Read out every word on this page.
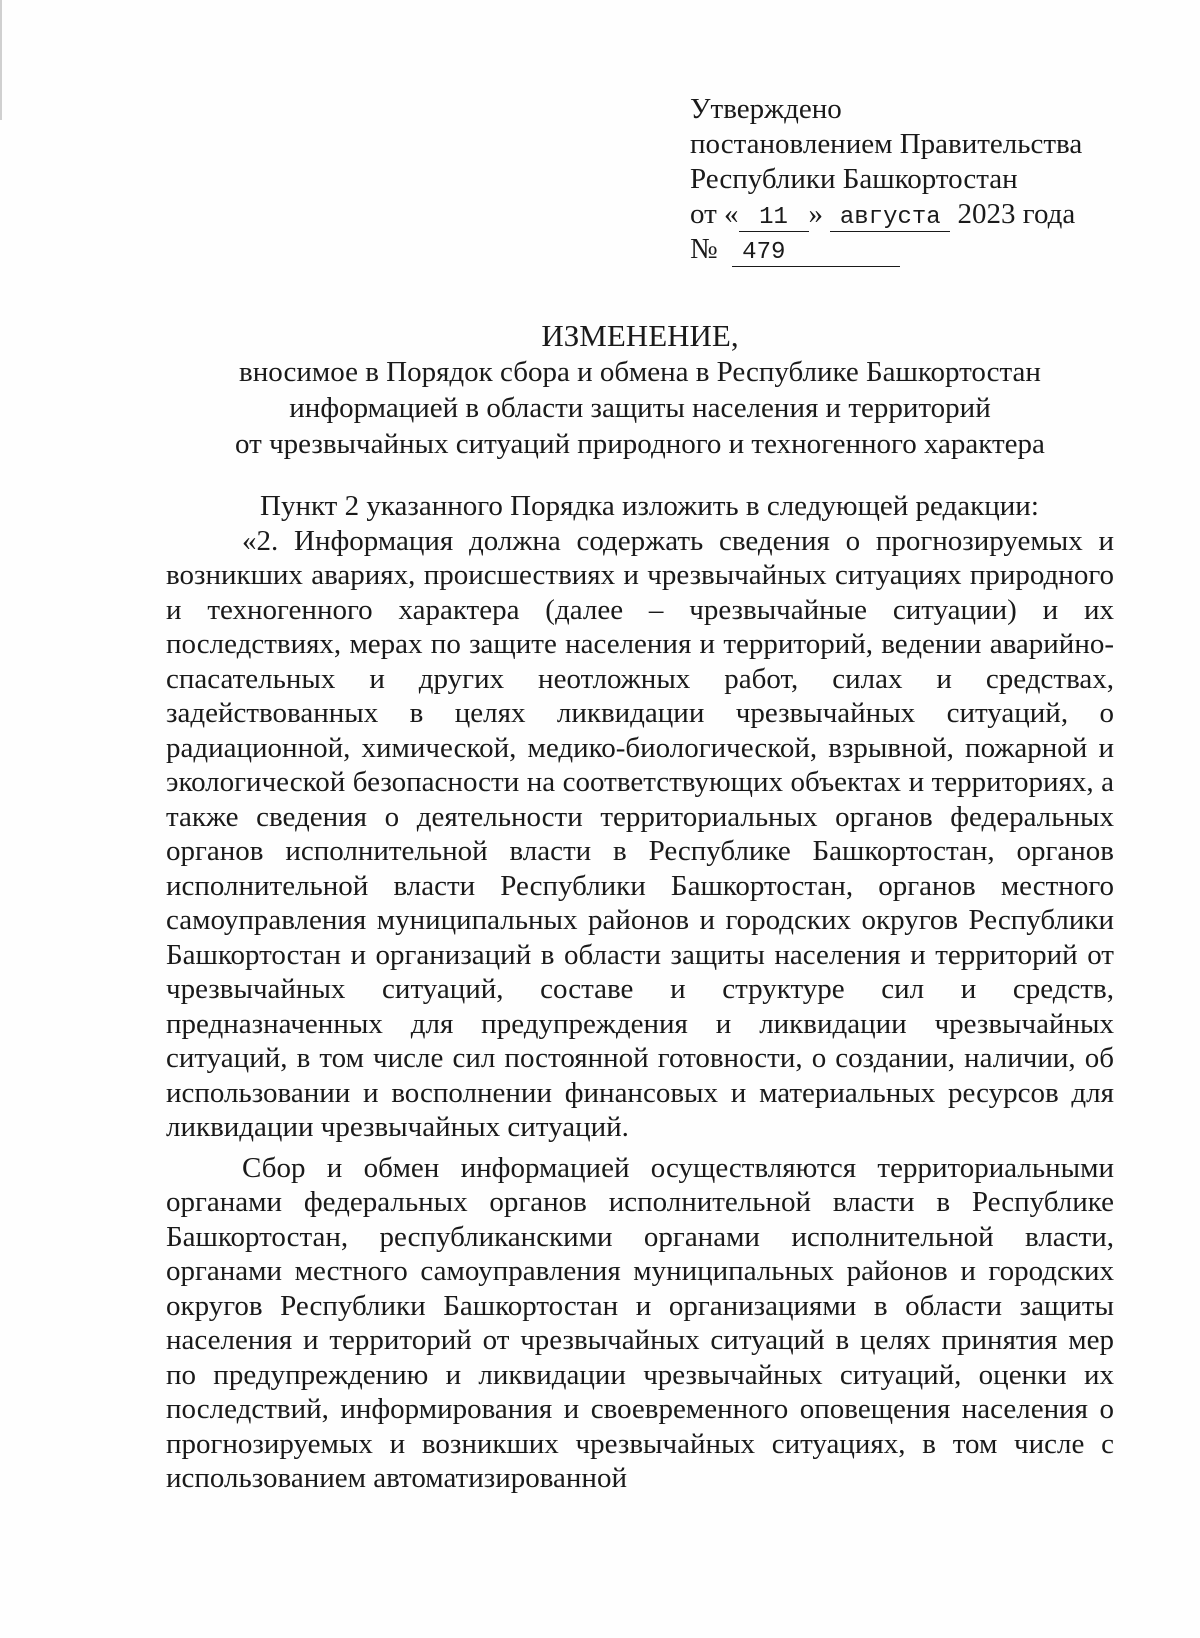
Утверждено
постановлением Правительства
Республики Башкортостан
от « 11 » августа 2023 года
№ 479
ИЗМЕНЕНИЕ,
вносимое в Порядок сбора и обмена в Республике Башкортостан
информацией в области защиты населения и территорий
от чрезвычайных ситуаций природного и техногенного характера

Пункт 2 указанного Порядка изложить в следующей редакции:

«2. Информация должна содержать сведения о прогнозируемых и возникших авариях, происшествиях и чрезвычайных ситуациях природного и техногенного характера (далее – чрезвычайные ситуации) и их последствиях, мерах по защите населения и территорий, ведении аварийно-спасательных и других неотложных работ, силах и средствах, задействованных в целях ликвидации чрезвычайных ситуаций, о радиационной, химической, медико-биологической, взрывной, пожарной и экологической безопасности на соответствующих объектах и территориях, а также сведения о деятельности территориальных органов федеральных органов исполнительной власти в Республике Башкортостан, органов исполнительной власти Республики Башкортостан, органов местного самоуправления муниципальных районов и городских округов Республики Башкортостан и организаций в области защиты населения и территорий от чрезвычайных ситуаций, составе и структуре сил и средств, предназначенных для предупреждения и ликвидации чрезвычайных ситуаций, в том числе сил постоянной готовности, о создании, наличии, об использовании и восполнении финансовых и материальных ресурсов для ликвидации чрезвычайных ситуаций.

Сбор и обмен информацией осуществляются территориальными органами федеральных органов исполнительной власти в Республике Башкортостан, республиканскими органами исполнительной власти, органами местного самоуправления муниципальных районов и городских округов Республики Башкортостан и организациями в области защиты населения и территорий от чрезвычайных ситуаций в целях принятия мер по предупреждению и ликвидации чрезвычайных ситуаций, оценки их последствий, информирования и своевременного оповещения населения о прогнозируемых и возникших чрезвычайных ситуациях, в том числе с использованием автоматизированной
